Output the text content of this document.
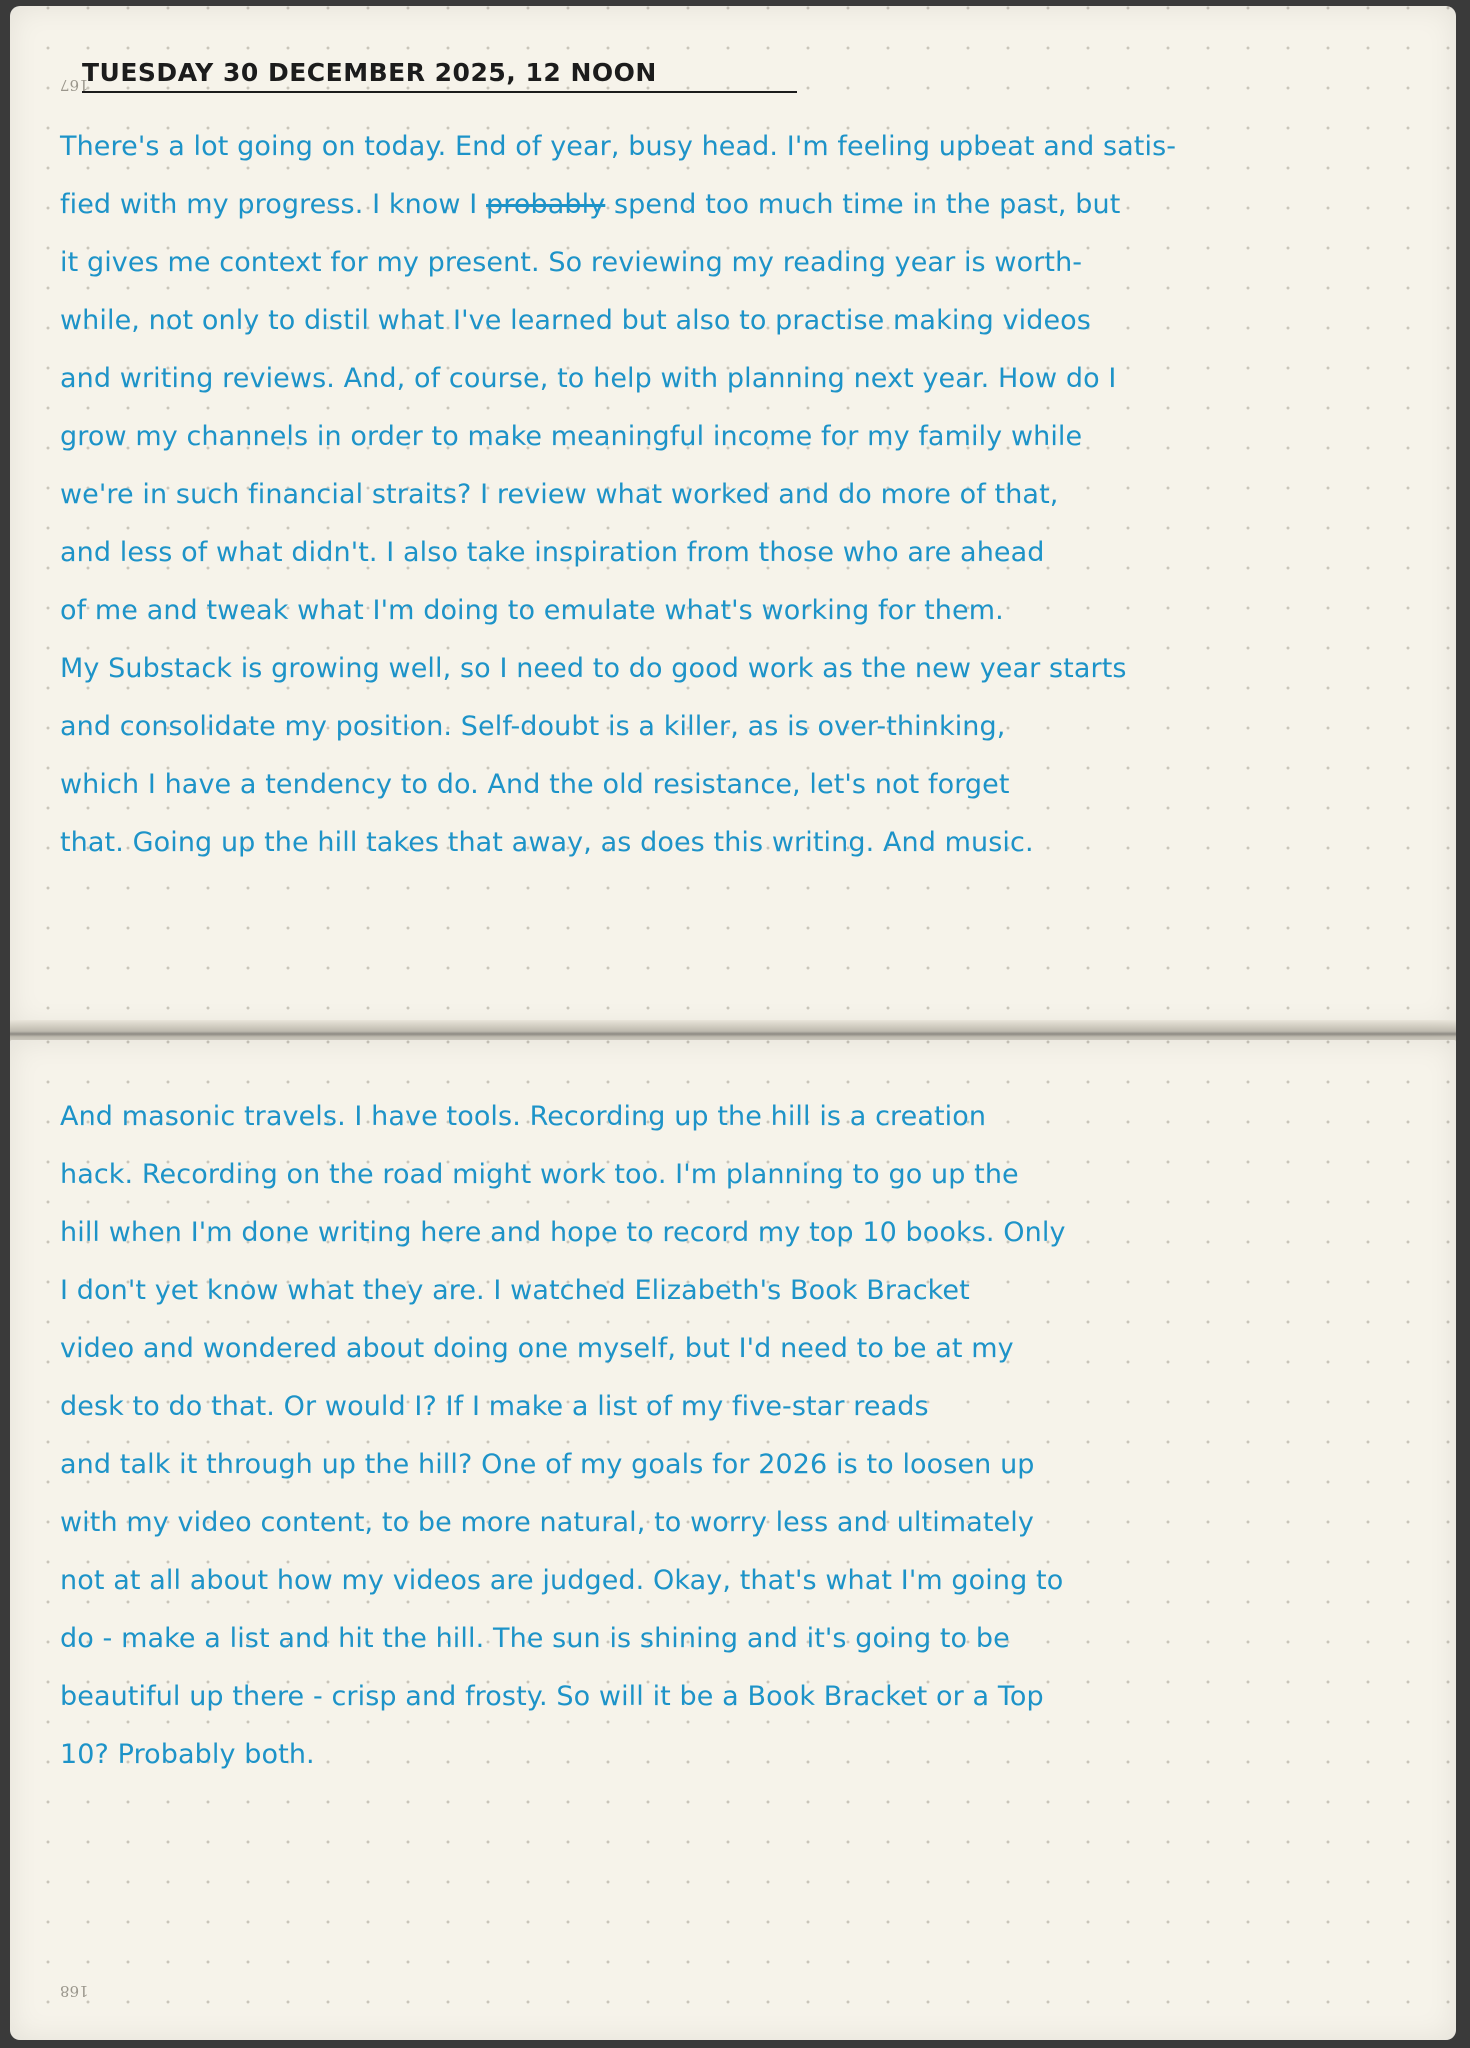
167
TUESDAY 30 DECEMBER 2025, 12 NOON
There's a lot going on today. End of year, busy head. I'm feeling upbeat and satis-
fied with my progress. I know I probably spend too much time in the past, but
it gives me context for my present. So reviewing my reading year is worth-
while, not only to distil what I've learned but also to practise making videos
and writing reviews. And, of course, to help with planning next year. How do I
grow my channels in order to make meaningful income for my family while
we're in such financial straits? I review what worked and do more of that,
and less of what didn't. I also take inspiration from those who are ahead
of me and tweak what I'm doing to emulate what's working for them.
My Substack is growing well, so I need to do good work as the new year starts
and consolidate my position. Self-doubt is a killer, as is over-thinking,
which I have a tendency to do. And the old resistance, let's not forget
that. Going up the hill takes that away, as does this writing. And music.
And masonic travels. I have tools. Recording up the hill is a creation
hack. Recording on the road might work too. I'm planning to go up the
hill when I'm done writing here and hope to record my top 10 books. Only
I don't yet know what they are. I watched Elizabeth's Book Bracket
video and wondered about doing one myself, but I'd need to be at my
desk to do that. Or would I? If I make a list of my five-star reads
and talk it through up the hill? One of my goals for 2026 is to loosen up
with my video content, to be more natural, to worry less and ultimately
not at all about how my videos are judged. Okay, that's what I'm going to
do - make a list and hit the hill. The sun is shining and it's going to be
beautiful up there - crisp and frosty. So will it be a Book Bracket or a Top
10? Probably both.
168
